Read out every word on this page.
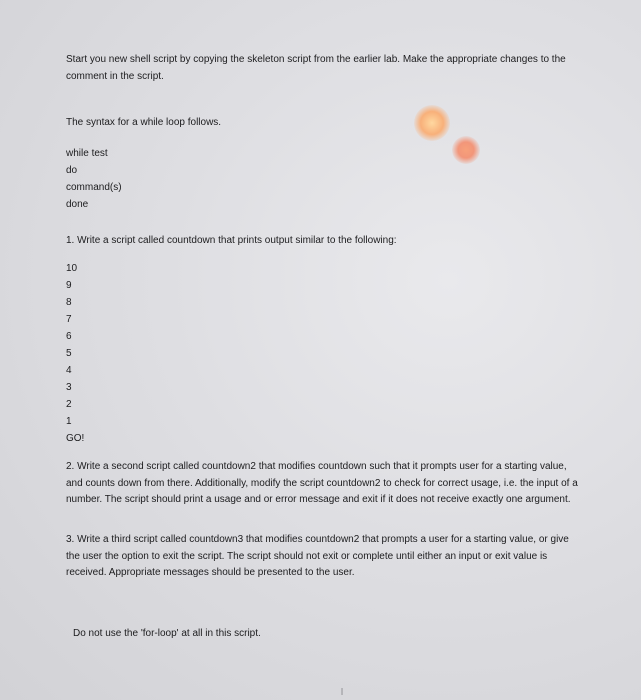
Start you new shell script by copying the skeleton script from the earlier lab. Make the appropriate changes to the comment in the script.
The syntax for a while loop follows.
while test
do
command(s)
done
1. Write a script called countdown that prints output similar to the following:
10
9
8
7
6
5
4
3
2
1
GO!
2. Write a second script called countdown2 that modifies countdown such that it prompts user for a starting value, and counts down from there. Additionally, modify the script countdown2 to check for correct usage, i.e. the input of a number. The script should print a usage and or error message and exit if it does not receive exactly one argument.
3. Write a third script called countdown3 that modifies countdown2 that prompts a user for a starting value, or give the user the option to exit the script. The script should not exit or complete until either an input or exit value is received. Appropriate messages should be presented to the user.
Do not use the 'for-loop' at all in this script.
I
